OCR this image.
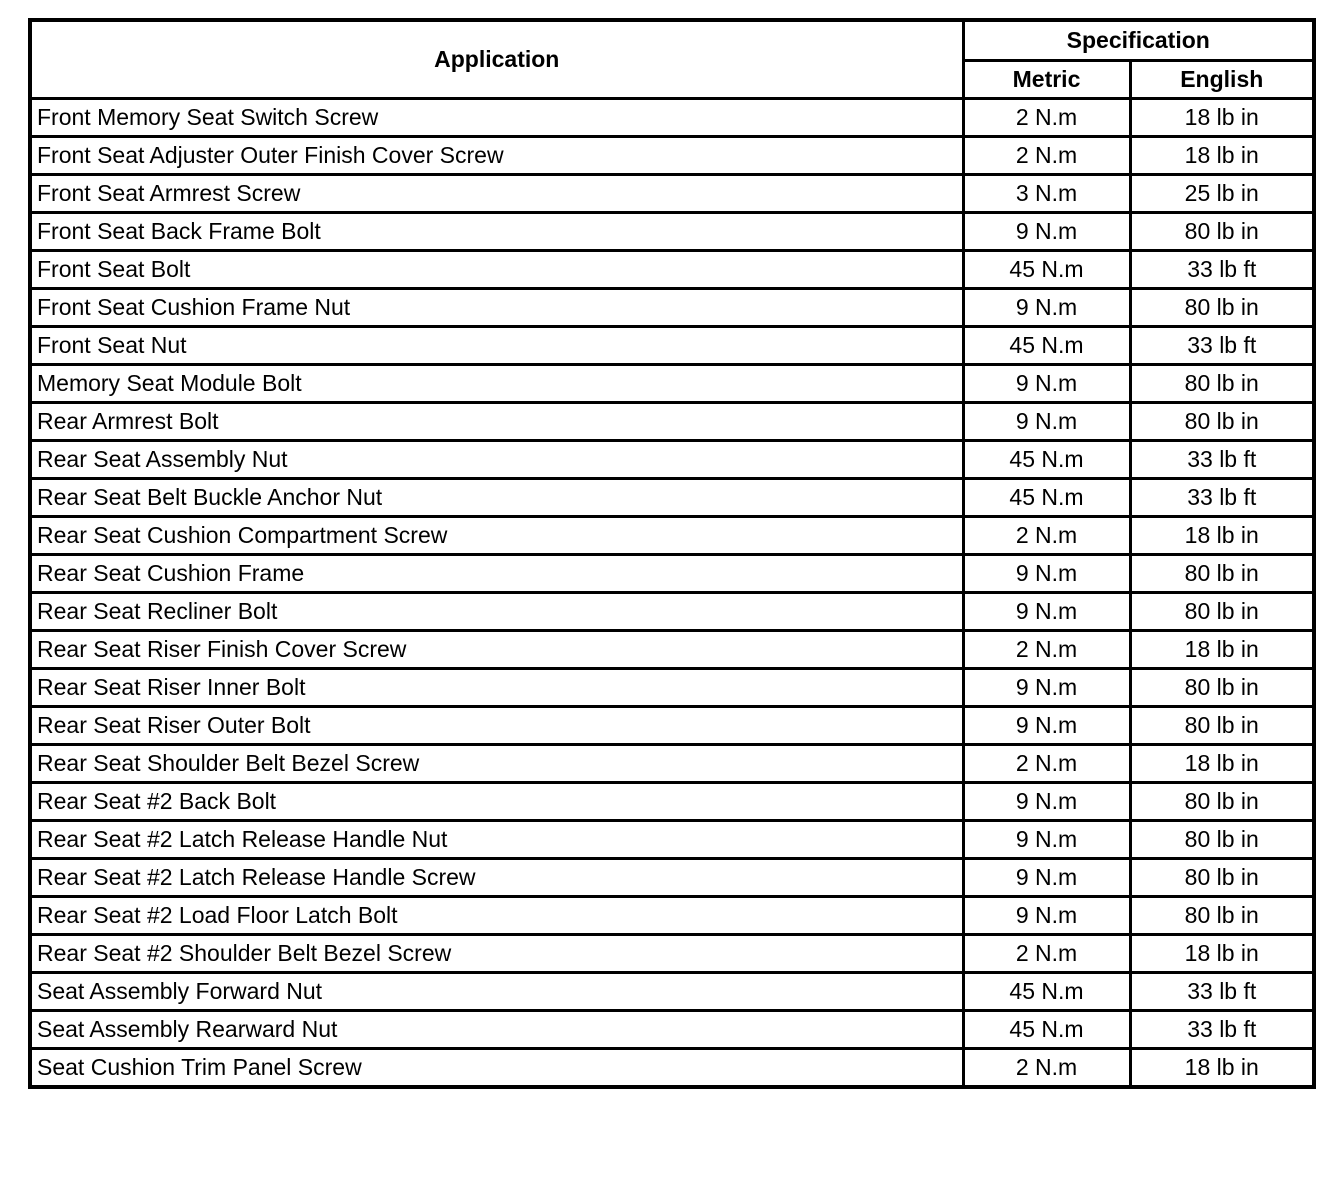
Application	Specification	
	Metric	English
Front Memory Seat Switch Screw	2 N.m	18 lb in
Front Seat Adjuster Outer Finish Cover Screw	2 N.m	18 lb in
Front Seat Armrest Screw	3 N.m	25 lb in
Front Seat Back Frame Bolt	9 N.m	80 lb in
Front Seat Bolt	45 N.m	33 lb ft
Front Seat Cushion Frame Nut	9 N.m	80 lb in
Front Seat Nut	45 N.m	33 lb ft
Memory Seat Module Bolt	9 N.m	80 lb in
Rear Armrest Bolt	9 N.m	80 lb in
Rear Seat Assembly Nut	45 N.m	33 lb ft
Rear Seat Belt Buckle Anchor Nut	45 N.m	33 lb ft
Rear Seat Cushion Compartment Screw	2 N.m	18 lb in
Rear Seat Cushion Frame	9 N.m	80 lb in
Rear Seat Recliner Bolt	9 N.m	80 lb in
Rear Seat Riser Finish Cover Screw	2 N.m	18 lb in
Rear Seat Riser Inner Bolt	9 N.m	80 lb in
Rear Seat Riser Outer Bolt	9 N.m	80 lb in
Rear Seat Shoulder Belt Bezel Screw	2 N.m	18 lb in
Rear Seat #2 Back Bolt	9 N.m	80 lb in
Rear Seat #2 Latch Release Handle Nut	9 N.m	80 lb in
Rear Seat #2 Latch Release Handle Screw	9 N.m	80 lb in
Rear Seat #2 Load Floor Latch Bolt	9 N.m	80 lb in
Rear Seat #2 Shoulder Belt Bezel Screw	2 N.m	18 lb in
Seat Assembly Forward Nut	45 N.m	33 lb ft
Seat Assembly Rearward Nut	45 N.m	33 lb ft
Seat Cushion Trim Panel Screw	2 N.m	18 lb in
